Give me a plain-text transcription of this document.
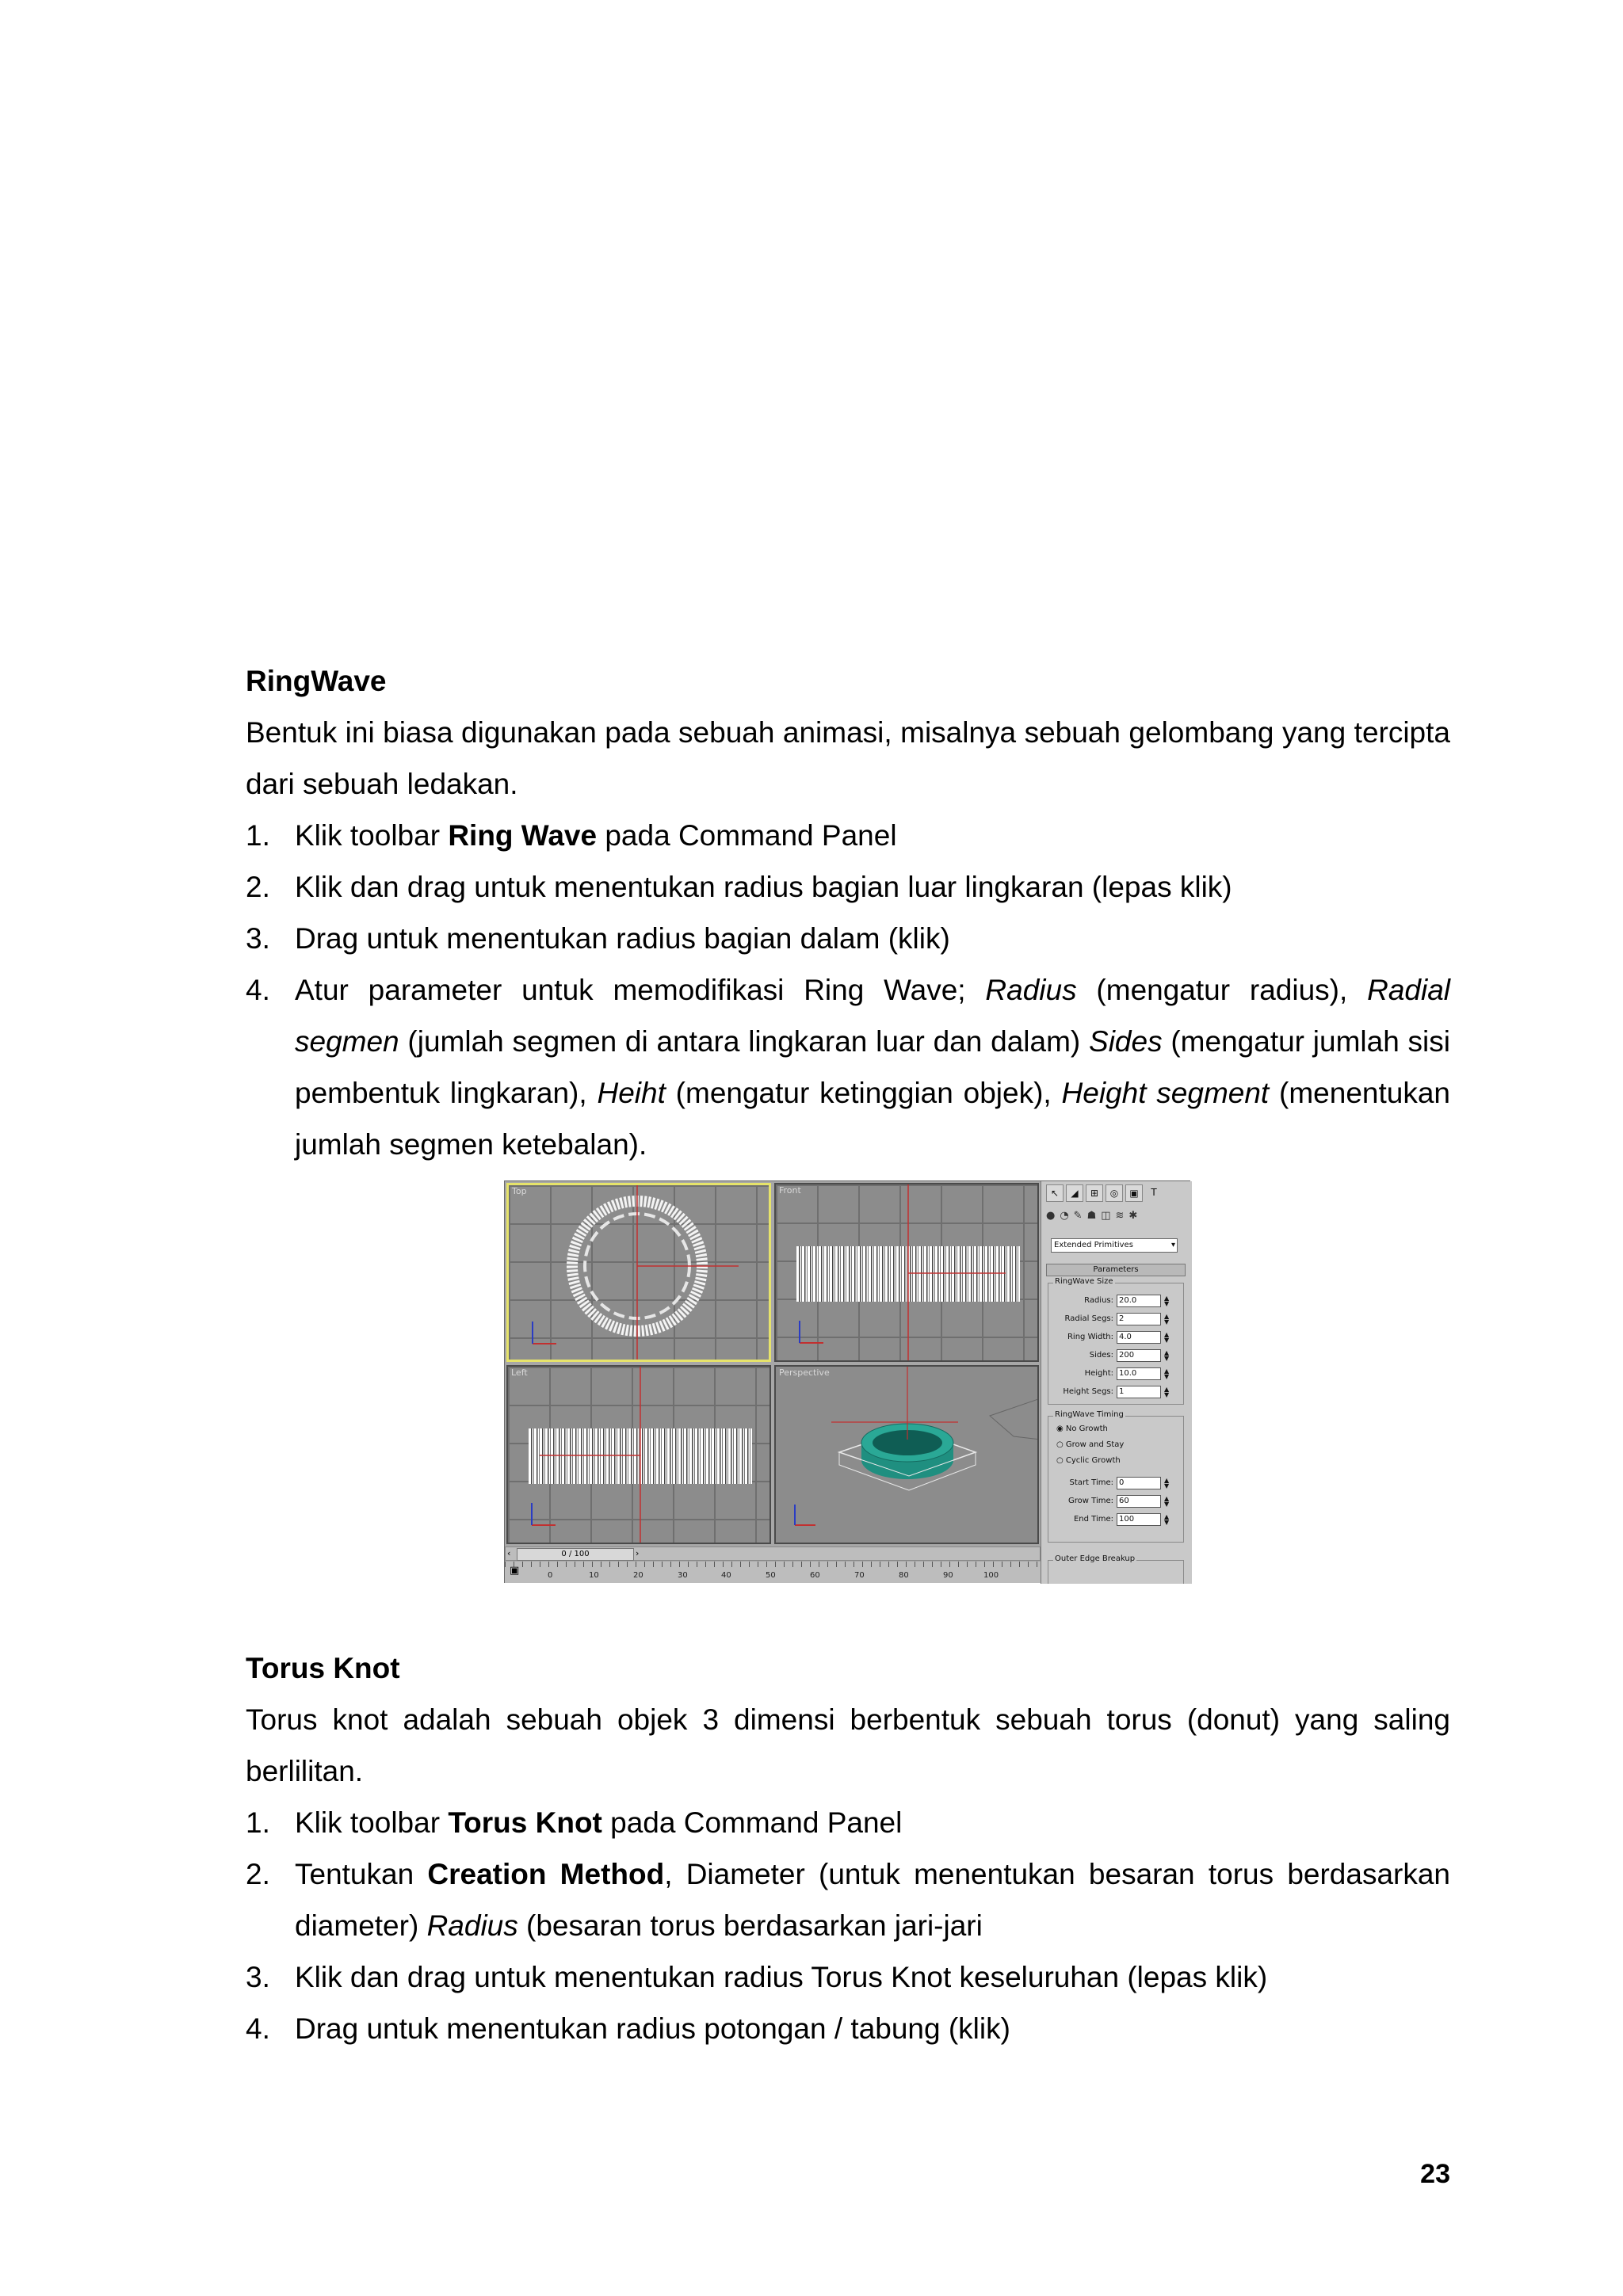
RingWave

Bentuk ini biasa digunakan pada sebuah animasi, misalnya sebuah gelombang yang tercipta dari sebuah ledakan.

1. Klik toolbar Ring Wave pada Command Panel
2. Klik dan drag untuk menentukan radius bagian luar lingkaran (lepas klik)
3. Drag untuk menentukan radius bagian dalam (klik)
4. Atur parameter untuk memodifikasi Ring Wave; Radius (mengatur radius), Radial segmen (jumlah segmen di antara lingkaran luar dan dalam) Sides (mengatur jumlah sisi pembentuk lingkaran), Heiht (mengatur ketinggian objek), Height segment (menentukan jumlah segmen ketebalan).
Top	Front
Left	Perspective
‹	0 / 100	›
▣	0	10	20	30	40	50	60	70	80	90	100
↖	◢	⊞	◎	▣	T
●◔✎☗◫≋✱
Extended Primitives	▾
Parameters
RingWave Size
Radius: 20.0	▲
▼
Radial Segs: 2	▲
▼
Ring Width: 4.0	▲
▼
Sides: 200	▲
▼
Height: 10.0	▲
▼
Height Segs: 1	▲
▼
RingWave Timing
◉ No Growth
○ Grow and Stay
○ Cyclic Growth
Start Time: 0	▲
▼
Grow Time: 60	▲
▼
End Time: 100	▲
▼
Outer Edge Breakup

Torus Knot

Torus knot adalah sebuah objek 3 dimensi berbentuk sebuah torus (donut) yang saling berlilitan.

1. Klik toolbar Torus Knot pada Command Panel
2. Tentukan Creation Method, Diameter (untuk menentukan besaran torus berdasarkan diameter) Radius (besaran torus berdasarkan jari-jari
3. Klik dan drag untuk menentukan radius Torus Knot keseluruhan (lepas klik)
4. Drag untuk menentukan radius potongan / tabung (klik)
23
